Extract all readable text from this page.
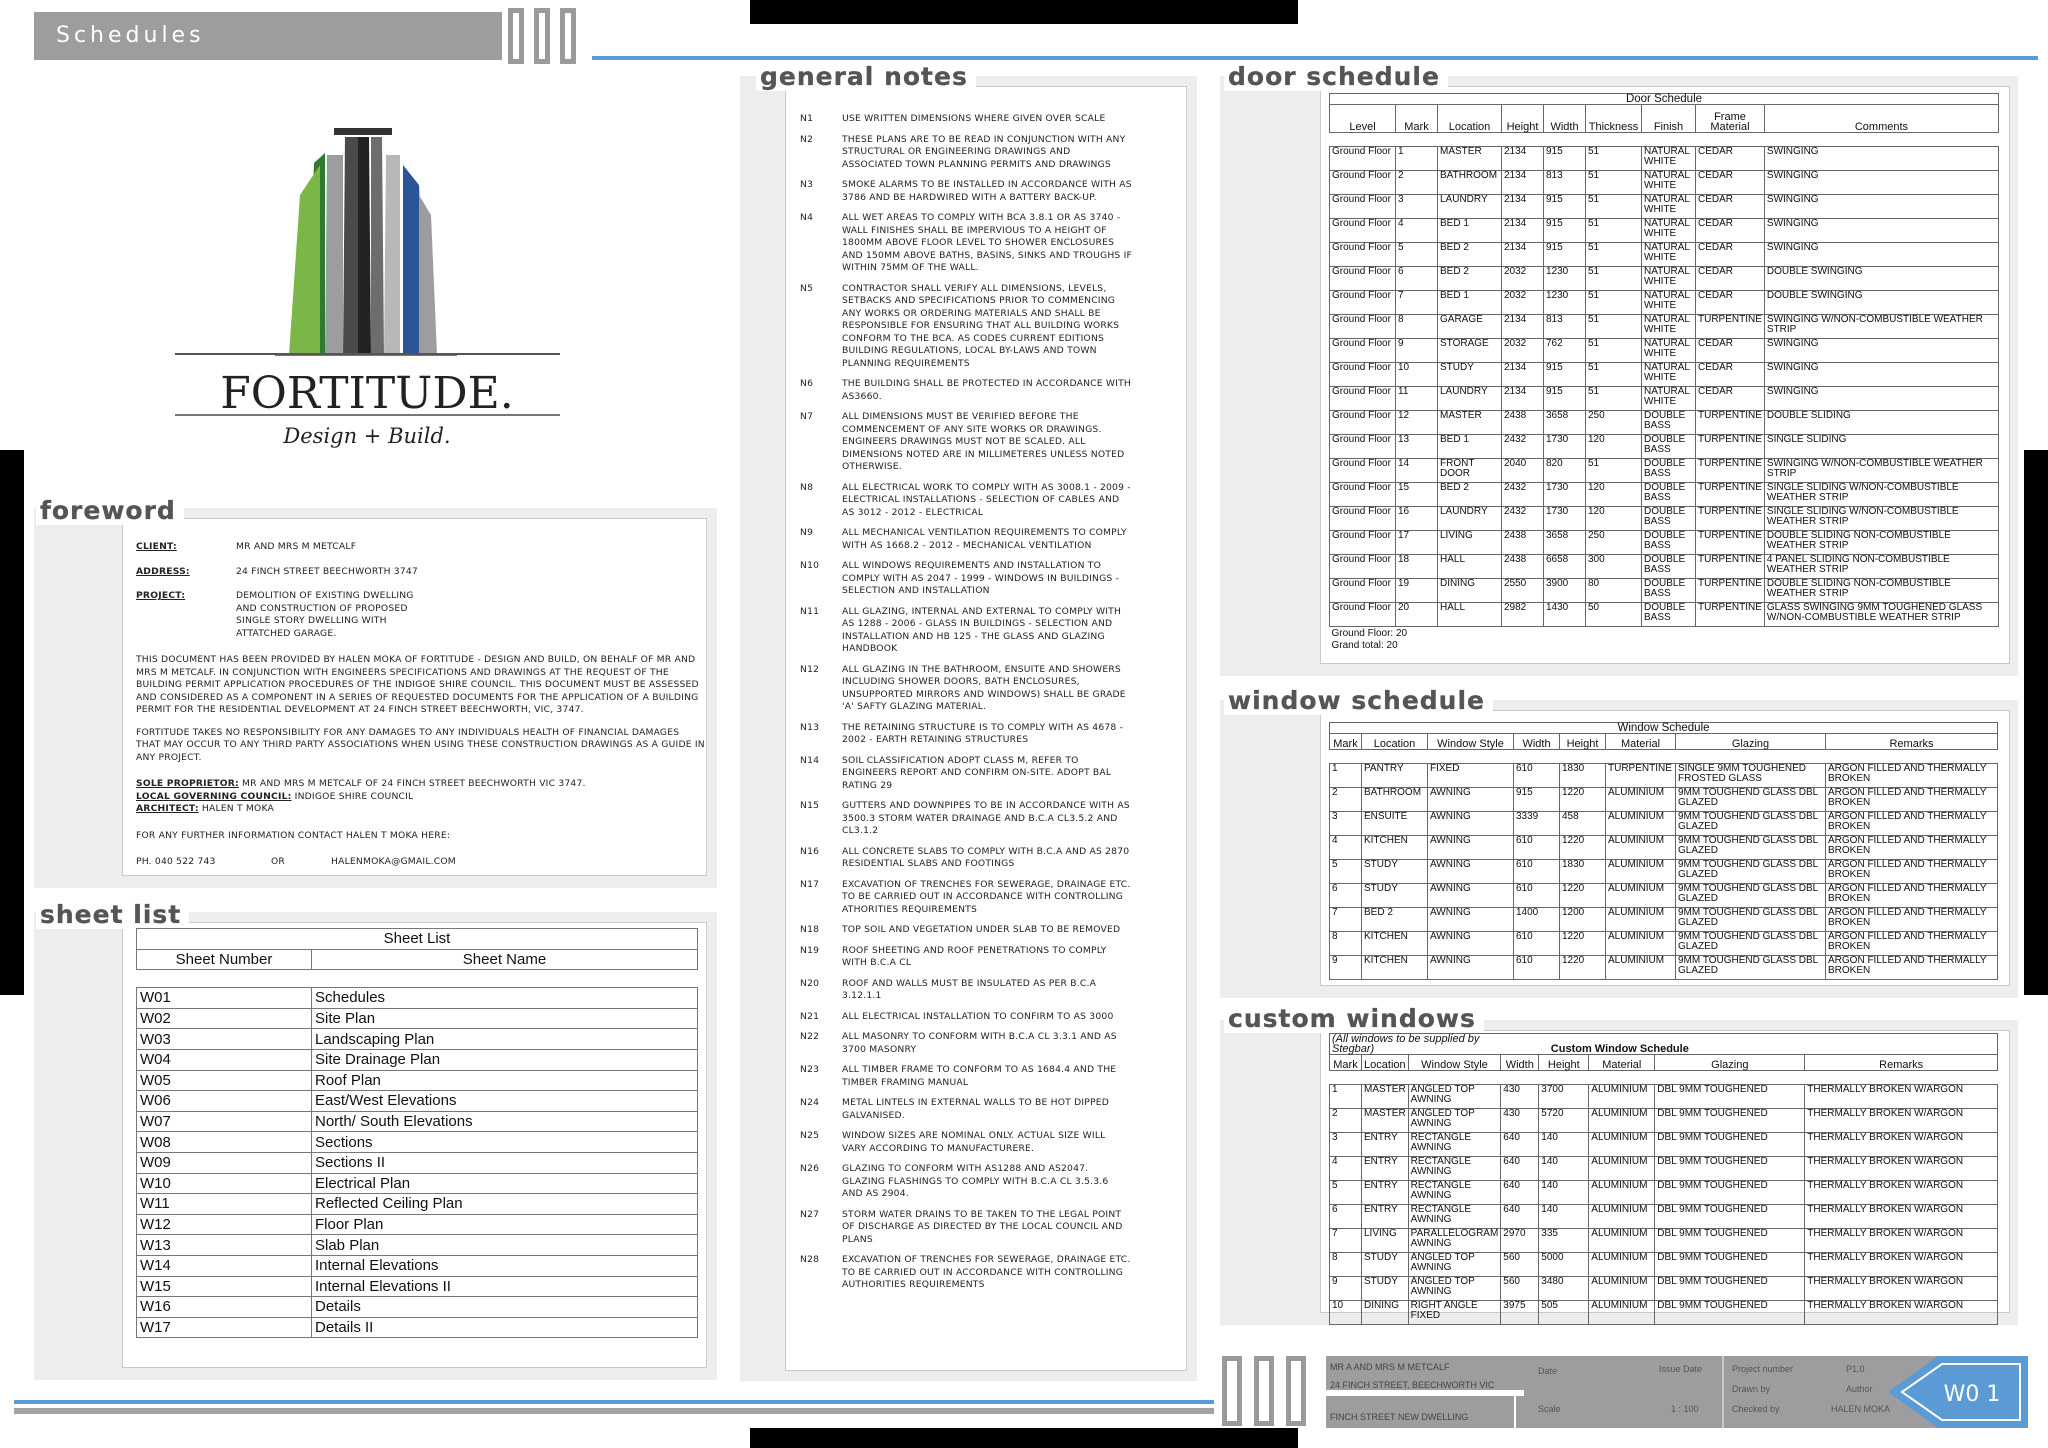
Schedules
FORTITUDE.
Design + Build.
foreword
CLIENT:	MR AND MRS M METCALF
ADDRESS:	24 FINCH STREET BEECHWORTH 3747
PROJECT:	DEMOLITION OF EXISTING DWELLING AND CONSTRUCTION OF PROPOSED SINGLE STORY DWELLING WITH ATTATCHED GARAGE.

THIS DOCUMENT HAS BEEN PROVIDED BY HALEN MOKA OF FORTITUDE - DESIGN AND BUILD, ON BEHALF OF MR AND MRS M METCALF. IN CONJUNCTION WITH ENGINEERS SPECIFICATIONS AND DRAWINGS AT THE REQUEST OF THE BUILDING PERMIT APPLICATION PROCEDURES OF THE INDIGOE SHIRE COUNCIL. THIS DOCUMENT MUST BE ASSESSED AND CONSIDERED AS A COMPONENT IN A SERIES OF REQUESTED DOCUMENTS FOR THE APPLICATION OF A BUILDING PERMIT FOR THE RESIDENTIAL DEVELOPMENT AT 24 FINCH STREET BEECHWORTH, VIC, 3747.

FORTITUDE TAKES NO RESPONSIBILITY FOR ANY DAMAGES TO ANY INDIVIDUALS HEALTH OF FINANCIAL DAMAGES THAT MAY OCCUR TO ANY THIRD PARTY ASSOCIATIONS WHEN USING THESE CONSTRUCTION DRAWINGS AS A GUIDE IN ANY PROJECT.

SOLE PROPRIETOR: MR AND MRS M METCALF OF 24 FINCH STREET BEECHWORTH VIC 3747.
LOCAL GOVERNING COUNCIL: INDIGOE SHIRE COUNCIL
ARCHITECT: HALEN T MOKA

FOR ANY FURTHER INFORMATION CONTACT HALEN T MOKA HERE:

PH. 040 522 743	OR	HALENMOKA@GMAIL.COM
sheet list
Sheet List	
Sheet Number	Sheet Name

W01	Schedules
W02	Site Plan
W03	Landscaping Plan
W04	Site Drainage Plan
W05	Roof Plan
W06	East/West Elevations
W07	North/ South Elevations
W08	Sections
W09	Sections II
W10	Electrical Plan
W11	Reflected Ceiling Plan
W12	Floor Plan
W13	Slab Plan
W14	Internal Elevations
W15	Internal Elevations II
W16	Details
W17	Details II
general notes
N1	USE WRITTEN DIMENSIONS WHERE GIVEN OVER SCALE
N2	THESE PLANS ARE TO BE READ IN CONJUNCTION WITH ANY STRUCTURAL OR ENGINEERING DRAWINGS AND ASSOCIATED TOWN PLANNING PERMITS AND DRAWINGS
N3	SMOKE ALARMS TO BE INSTALLED IN ACCORDANCE WITH AS 3786 AND BE HARDWIRED WITH A BATTERY BACK-UP.
N4	ALL WET AREAS TO COMPLY WITH BCA 3.8.1 OR AS 3740 - WALL FINISHES SHALL BE IMPERVIOUS TO A HEIGHT OF 1800MM ABOVE FLOOR LEVEL TO SHOWER ENCLOSURES AND 150MM ABOVE BATHS, BASINS, SINKS AND TROUGHS IF WITHIN 75MM OF THE WALL.
N5	CONTRACTOR SHALL VERIFY ALL DIMENSIONS, LEVELS, SETBACKS AND SPECIFICATIONS PRIOR TO COMMENCING ANY WORKS OR ORDERING MATERIALS AND SHALL BE RESPONSIBLE FOR ENSURING THAT ALL BUILDING WORKS CONFORM TO THE BCA. AS CODES CURRENT EDITIONS BUILDING REGULATIONS, LOCAL BY-LAWS AND TOWN PLANNING REQUIREMENTS
N6	THE BUILDING SHALL BE PROTECTED IN ACCORDANCE WITH AS3660.
N7	ALL DIMENSIONS MUST BE VERIFIED BEFORE THE COMMENCEMENT OF ANY SITE WORKS OR DRAWINGS. ENGINEERS DRAWINGS MUST NOT BE SCALED. ALL DIMENSIONS NOTED ARE IN MILLIMETERES UNLESS NOTED OTHERWISE.
N8	ALL ELECTRICAL WORK TO COMPLY WITH AS 3008.1 - 2009 - ELECTRICAL INSTALLATIONS - SELECTION OF CABLES AND AS 3012 - 2012 - ELECTRICAL
N9	ALL MECHANICAL VENTILATION REQUIREMENTS TO COMPLY WITH AS 1668.2 - 2012 - MECHANICAL VENTILATION
N10	ALL WINDOWS REQUIREMENTS AND INSTALLATION TO COMPLY WITH AS 2047 - 1999 - WINDOWS IN BUILDINGS - SELECTION AND INSTALLATION
N11	ALL GLAZING, INTERNAL AND EXTERNAL TO COMPLY WITH AS 1288 - 2006 - GLASS IN BUILDINGS - SELECTION AND INSTALLATION AND HB 125 - THE GLASS AND GLAZING HANDBOOK
N12	ALL GLAZING IN THE BATHROOM, ENSUITE AND SHOWERS INCLUDING SHOWER DOORS, BATH ENCLOSURES, UNSUPPORTED MIRRORS AND WINDOWS) SHALL BE GRADE 'A' SAFTY GLAZING MATERIAL.
N13	THE RETAINING STRUCTURE IS TO COMPLY WITH AS 4678 - 2002 - EARTH RETAINING STRUCTURES
N14	SOIL CLASSIFICATION ADOPT CLASS M, REFER TO ENGINEERS REPORT AND CONFIRM ON-SITE. ADOPT BAL RATING 29
N15	GUTTERS AND DOWNPIPES TO BE IN ACCORDANCE WITH AS 3500.3 STORM WATER DRAINAGE AND B.C.A CL3.5.2 AND CL3.1.2
N16	ALL CONCRETE SLABS TO COMPLY WITH B.C.A AND AS 2870 RESIDENTIAL SLABS AND FOOTINGS
N17	EXCAVATION OF TRENCHES FOR SEWERAGE, DRAINAGE ETC. TO BE CARRIED OUT IN ACCORDANCE WITH CONTROLLING ATHORITIES REQUIREMENTS
N18	TOP SOIL AND VEGETATION UNDER SLAB TO BE REMOVED
N19	ROOF SHEETING AND ROOF PENETRATIONS TO COMPLY WITH B.C.A CL
N20	ROOF AND WALLS MUST BE INSULATED AS PER B.C.A 3.12.1.1
N21	ALL ELECTRICAL INSTALLATION TO CONFIRM TO AS 3000
N22	ALL MASONRY TO CONFORM WITH B.C.A CL 3.3.1 AND AS 3700 MASONRY
N23	ALL TIMBER FRAME TO CONFORM TO AS 1684.4 AND THE TIMBER FRAMING MANUAL
N24	METAL LINTELS IN EXTERNAL WALLS TO BE HOT DIPPED GALVANISED.
N25	WINDOW SIZES ARE NOMINAL ONLY. ACTUAL SIZE WILL VARY ACCORDING TO MANUFACTURERE.
N26	GLAZING TO CONFORM WITH AS1288 AND AS2047. GLAZING FLASHINGS TO COMPLY WITH B.C.A CL 3.5.3.6 AND AS 2904.
N27	STORM WATER DRAINS TO BE TAKEN TO THE LEGAL POINT OF DISCHARGE AS DIRECTED BY THE LOCAL COUNCIL AND PLANS
N28	EXCAVATION OF TRENCHES FOR SEWERAGE, DRAINAGE ETC. TO BE CARRIED OUT IN ACCORDANCE WITH CONTROLLING AUTHORITIES REQUIREMENTS
door schedule
Door Schedule								
Level	Mark	Location	Height	Width	Thickness	Finish	Frame Material	Comments

Ground Floor	1	MASTER	2134	915	51	NATURAL WHITE	CEDAR	SWINGING
Ground Floor	2	BATHROOM	2134	813	51	NATURAL WHITE	CEDAR	SWINGING
Ground Floor	3	LAUNDRY	2134	915	51	NATURAL WHITE	CEDAR	SWINGING
Ground Floor	4	BED 1	2134	915	51	NATURAL WHITE	CEDAR	SWINGING
Ground Floor	5	BED 2	2134	915	51	NATURAL WHITE	CEDAR	SWINGING
Ground Floor	6	BED 2	2032	1230	51	NATURAL WHITE	CEDAR	DOUBLE SWINGING
Ground Floor	7	BED 1	2032	1230	51	NATURAL WHITE	CEDAR	DOUBLE SWINGING
Ground Floor	8	GARAGE	2134	813	51	NATURAL WHITE	TURPENTINE	SWINGING W/NON-COMBUSTIBLE WEATHER STRIP
Ground Floor	9	STORAGE	2032	762	51	NATURAL WHITE	CEDAR	SWINGING
Ground Floor	10	STUDY	2134	915	51	NATURAL WHITE	CEDAR	SWINGING
Ground Floor	11	LAUNDRY	2134	915	51	NATURAL WHITE	CEDAR	SWINGING
Ground Floor	12	MASTER	2438	3658	250	DOUBLE BASS	TURPENTINE	DOUBLE SLIDING
Ground Floor	13	BED 1	2432	1730	120	DOUBLE BASS	TURPENTINE	SINGLE SLIDING
Ground Floor	14	FRONT DOOR	2040	820	51	DOUBLE BASS	TURPENTINE	SWINGING W/NON-COMBUSTIBLE WEATHER STRIP
Ground Floor	15	BED 2	2432	1730	120	DOUBLE BASS	TURPENTINE	SINGLE SLIDING W/NON-COMBUSTIBLE WEATHER STRIP
Ground Floor	16	LAUNDRY	2432	1730	120	DOUBLE BASS	TURPENTINE	SINGLE SLIDING W/NON-COMBUSTIBLE WEATHER STRIP
Ground Floor	17	LIVING	2438	3658	250	DOUBLE BASS	TURPENTINE	DOUBLE SLIDING NON-COMBUSTIBLE WEATHER STRIP
Ground Floor	18	HALL	2438	6658	300	DOUBLE BASS	TURPENTINE	4 PANEL SLIDING NON-COMBUSTIBLE WEATHER STRIP
Ground Floor	19	DINING	2550	3900	80	DOUBLE BASS	TURPENTINE	DOUBLE SLIDING NON-COMBUSTIBLE WEATHER STRIP
Ground Floor	20	HALL	2982	1430	50	DOUBLE BASS	TURPENTINE	GLASS SWINGING 9MM TOUGHENED GLASS W/NON-COMBUSTIBLE WEATHER STRIP
Ground Floor: 20								
Grand total: 20								
window schedule
Window Schedule							
Mark	Location	Window Style	Width	Height	Material	Glazing	Remarks

1	PANTRY	FIXED	610	1830	TURPENTINE	SINGLE 9MM TOUGHENED FROSTED GLASS	ARGON FILLED AND THERMALLY BROKEN
2	BATHROOM	AWNING	915	1220	ALUMINIUM	9MM TOUGHEND GLASS DBL GLAZED	ARGON FILLED AND THERMALLY BROKEN
3	ENSUITE	AWNING	3339	458	ALUMINIUM	9MM TOUGHEND GLASS DBL GLAZED	ARGON FILLED AND THERMALLY BROKEN
4	KITCHEN	AWNING	610	1220	ALUMINIUM	9MM TOUGHEND GLASS DBL GLAZED	ARGON FILLED AND THERMALLY BROKEN
5	STUDY	AWNING	610	1830	ALUMINIUM	9MM TOUGHEND GLASS DBL GLAZED	ARGON FILLED AND THERMALLY BROKEN
6	STUDY	AWNING	610	1220	ALUMINIUM	9MM TOUGHEND GLASS DBL GLAZED	ARGON FILLED AND THERMALLY BROKEN
7	BED 2	AWNING	1400	1200	ALUMINIUM	9MM TOUGHEND GLASS DBL GLAZED	ARGON FILLED AND THERMALLY BROKEN
8	KITCHEN	AWNING	610	1220	ALUMINIUM	9MM TOUGHEND GLASS DBL GLAZED	ARGON FILLED AND THERMALLY BROKEN
9	KITCHEN	AWNING	610	1220	ALUMINIUM	9MM TOUGHEND GLASS DBL GLAZED	ARGON FILLED AND THERMALLY BROKEN
custom windows
(All windows to be supplied by Stegbar)			Custom Window Schedule				
Mark	Location	Window Style	Width	Height	Material	Glazing	Remarks

1	MASTER	ANGLED TOP AWNING	430	3700	ALUMINIUM	DBL 9MM TOUGHENED	THERMALLY BROKEN W/ARGON
2	MASTER	ANGLED TOP AWNING	430	5720	ALUMINIUM	DBL 9MM TOUGHENED	THERMALLY BROKEN W/ARGON
3	ENTRY	RECTANGLE AWNING	640	140	ALUMINIUM	DBL 9MM TOUGHENED	THERMALLY BROKEN W/ARGON
4	ENTRY	RECTANGLE AWNING	640	140	ALUMINIUM	DBL 9MM TOUGHENED	THERMALLY BROKEN W/ARGON
5	ENTRY	RECTANGLE AWNING	640	140	ALUMINIUM	DBL 9MM TOUGHENED	THERMALLY BROKEN W/ARGON
6	ENTRY	RECTANGLE AWNING	640	140	ALUMINIUM	DBL 9MM TOUGHENED	THERMALLY BROKEN W/ARGON
7	LIVING	PARALLELOGRAM AWNING	2970	335	ALUMINIUM	DBL 9MM TOUGHENED	THERMALLY BROKEN W/ARGON
8	STUDY	ANGLED TOP AWNING	560	5000	ALUMINIUM	DBL 9MM TOUGHENED	THERMALLY BROKEN W/ARGON
9	STUDY	ANGLED TOP AWNING	560	3480	ALUMINIUM	DBL 9MM TOUGHENED	THERMALLY BROKEN W/ARGON
10	DINING	RIGHT ANGLE FIXED	3975	505	ALUMINIUM	DBL 9MM TOUGHENED	THERMALLY BROKEN W/ARGON
MR A AND MRS M METCALF
24 FINCH STREET, BEECHWORTH VIC
FINCH STREET NEW DWELLING
Date	Issue Date
Scale	1 : 100
Project number	P1.0
Drawn by	Author
Checked by	HALEN MOKA
W0 1
